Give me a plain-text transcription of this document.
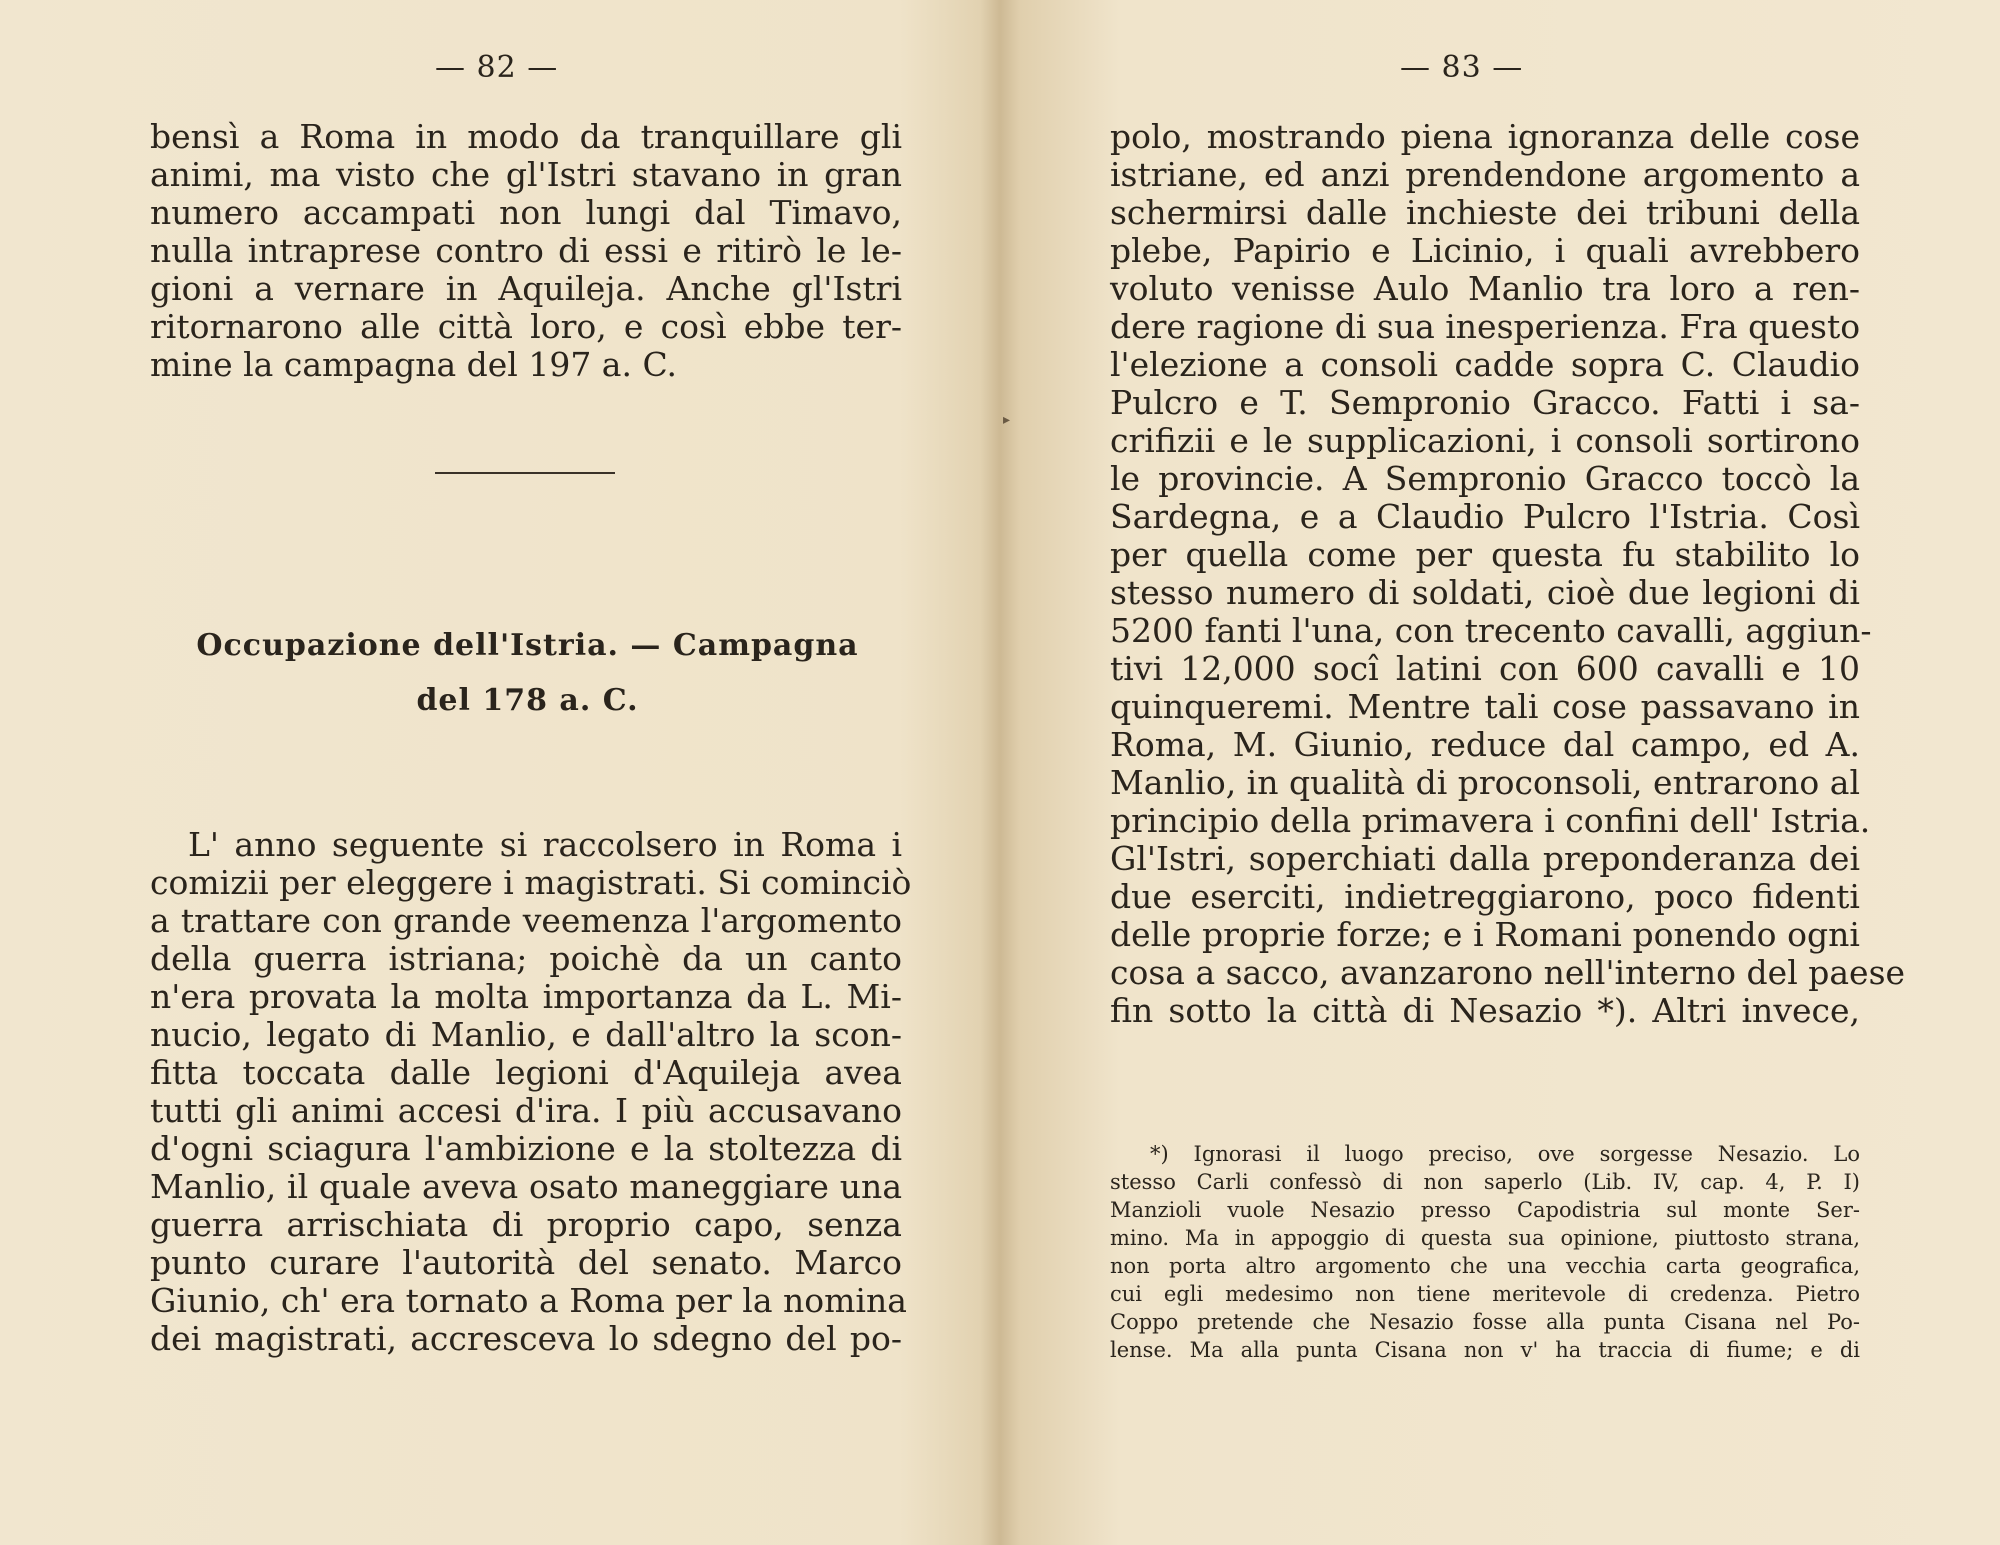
— 82 —
bensì a Roma in modo da tranquillare gli
animi, ma visto che gl'Istri stavano in gran
numero accampati non lungi dal Timavo,
nulla intraprese contro di essi e ritirò le le-
gioni a vernare in Aquileja. Anche gl'Istri
ritornarono alle città loro, e così ebbe ter-
mine la campagna del 197 a. C.
Occupazione dell'Istria. — Campagna
del 178 a. C.
L' anno seguente si raccolsero in Roma i
comizii per eleggere i magistrati. Si cominciò
a trattare con grande veemenza l'argomento
della guerra istriana; poichè da un canto
n'era provata la molta importanza da L. Mi-
nucio, legato di Manlio, e dall'altro la scon-
fitta toccata dalle legioni d'Aquileja avea
tutti gli animi accesi d'ira. I più accusavano
d'ogni sciagura l'ambizione e la stoltezza di
Manlio, il quale aveva osato maneggiare una
guerra arrischiata di proprio capo, senza
punto curare l'autorità del senato. Marco
Giunio, ch' era tornato a Roma per la nomina
dei magistrati, accresceva lo sdegno del po-
▸
— 83 —
polo, mostrando piena ignoranza delle cose
istriane, ed anzi prendendone argomento a
schermirsi dalle inchieste dei tribuni della
plebe, Papirio e Licinio, i quali avrebbero
voluto venisse Aulo Manlio tra loro a ren-
dere ragione di sua inesperienza. Fra questo
l'elezione a consoli cadde sopra C. Claudio
Pulcro e T. Sempronio Gracco. Fatti i sa-
crifizii e le supplicazioni, i consoli sortirono
le provincie. A Sempronio Gracco toccò la
Sardegna, e a Claudio Pulcro l'Istria. Così
per quella come per questa fu stabilito lo
stesso numero di soldati, cioè due legioni di
5200 fanti l'una, con trecento cavalli, aggiun-
tivi 12,000 socî latini con 600 cavalli e 10
quinqueremi. Mentre tali cose passavano in
Roma, M. Giunio, reduce dal campo, ed A.
Manlio, in qualità di proconsoli, entrarono al
principio della primavera i confini dell' Istria.
Gl'Istri, soperchiati dalla preponderanza dei
due eserciti, indietreggiarono, poco fidenti
delle proprie forze; e i Romani ponendo ogni
cosa a sacco, avanzarono nell'interno del paese
fin sotto la città di Nesazio *). Altri invece,
*) Ignorasi il luogo preciso, ove sorgesse Nesazio. Lo
stesso Carli confessò di non saperlo (Lib. IV, cap. 4, P. I)
Manzioli vuole Nesazio presso Capodistria sul monte Ser-
mino. Ma in appoggio di questa sua opinione, piuttosto strana,
non porta altro argomento che una vecchia carta geografica,
cui egli medesimo non tiene meritevole di credenza. Pietro
Coppo pretende che Nesazio fosse alla punta Cisana nel Po-
lense. Ma alla punta Cisana non v' ha traccia di fiume; e di
